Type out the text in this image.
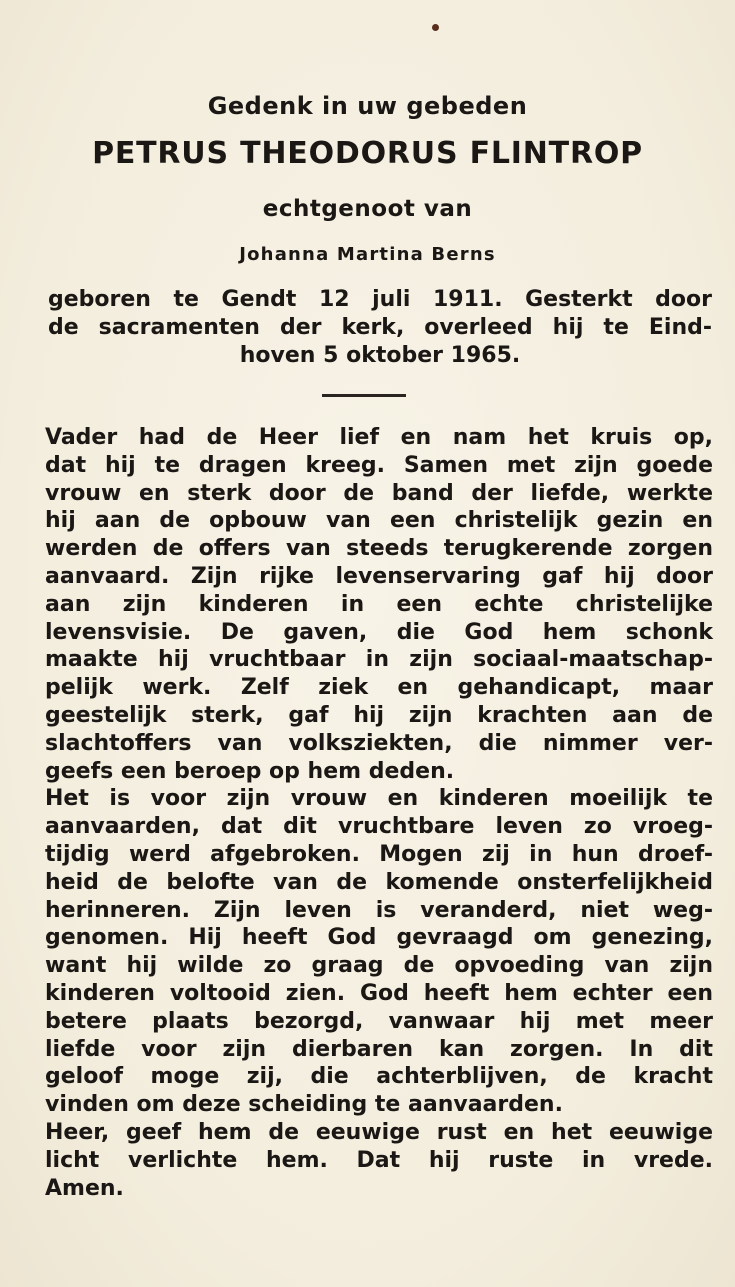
Gedenk in uw gebeden
PETRUS THEODORUS FLINTROP
echtgenoot van
Johanna Martina Berns
geboren te Gendt 12 juli 1911. Gesterkt door
de sacramenten der kerk, overleed hij te Eind-
hoven 5 oktober 1965.
Vader had de Heer lief en nam het kruis op,
dat hij te dragen kreeg. Samen met zijn goede
vrouw en sterk door de band der liefde, werkte
hij aan de opbouw van een christelijk gezin en
werden de offers van steeds terugkerende zorgen
aanvaard. Zijn rijke levenservaring gaf hij door
aan zijn kinderen in een echte christelijke
levensvisie. De gaven, die God hem schonk
maakte hij vruchtbaar in zijn sociaal-maatschap-
pelijk werk. Zelf ziek en gehandicapt, maar
geestelijk sterk, gaf hij zijn krachten aan de
slachtoffers van volksziekten, die nimmer ver-
geefs een beroep op hem deden.
Het is voor zijn vrouw en kinderen moeilijk te
aanvaarden, dat dit vruchtbare leven zo vroeg-
tijdig werd afgebroken. Mogen zij in hun droef-
heid de belofte van de komende onsterfelijkheid
herinneren. Zijn leven is veranderd, niet weg-
genomen. Hij heeft God gevraagd om genezing,
want hij wilde zo graag de opvoeding van zijn
kinderen voltooid zien. God heeft hem echter een
betere plaats bezorgd, vanwaar hij met meer
liefde voor zijn dierbaren kan zorgen. In dit
geloof moge zij, die achterblijven, de kracht
vinden om deze scheiding te aanvaarden.
Heer, geef hem de eeuwige rust en het eeuwige
licht verlichte hem. Dat hij ruste in vrede.
Amen.
